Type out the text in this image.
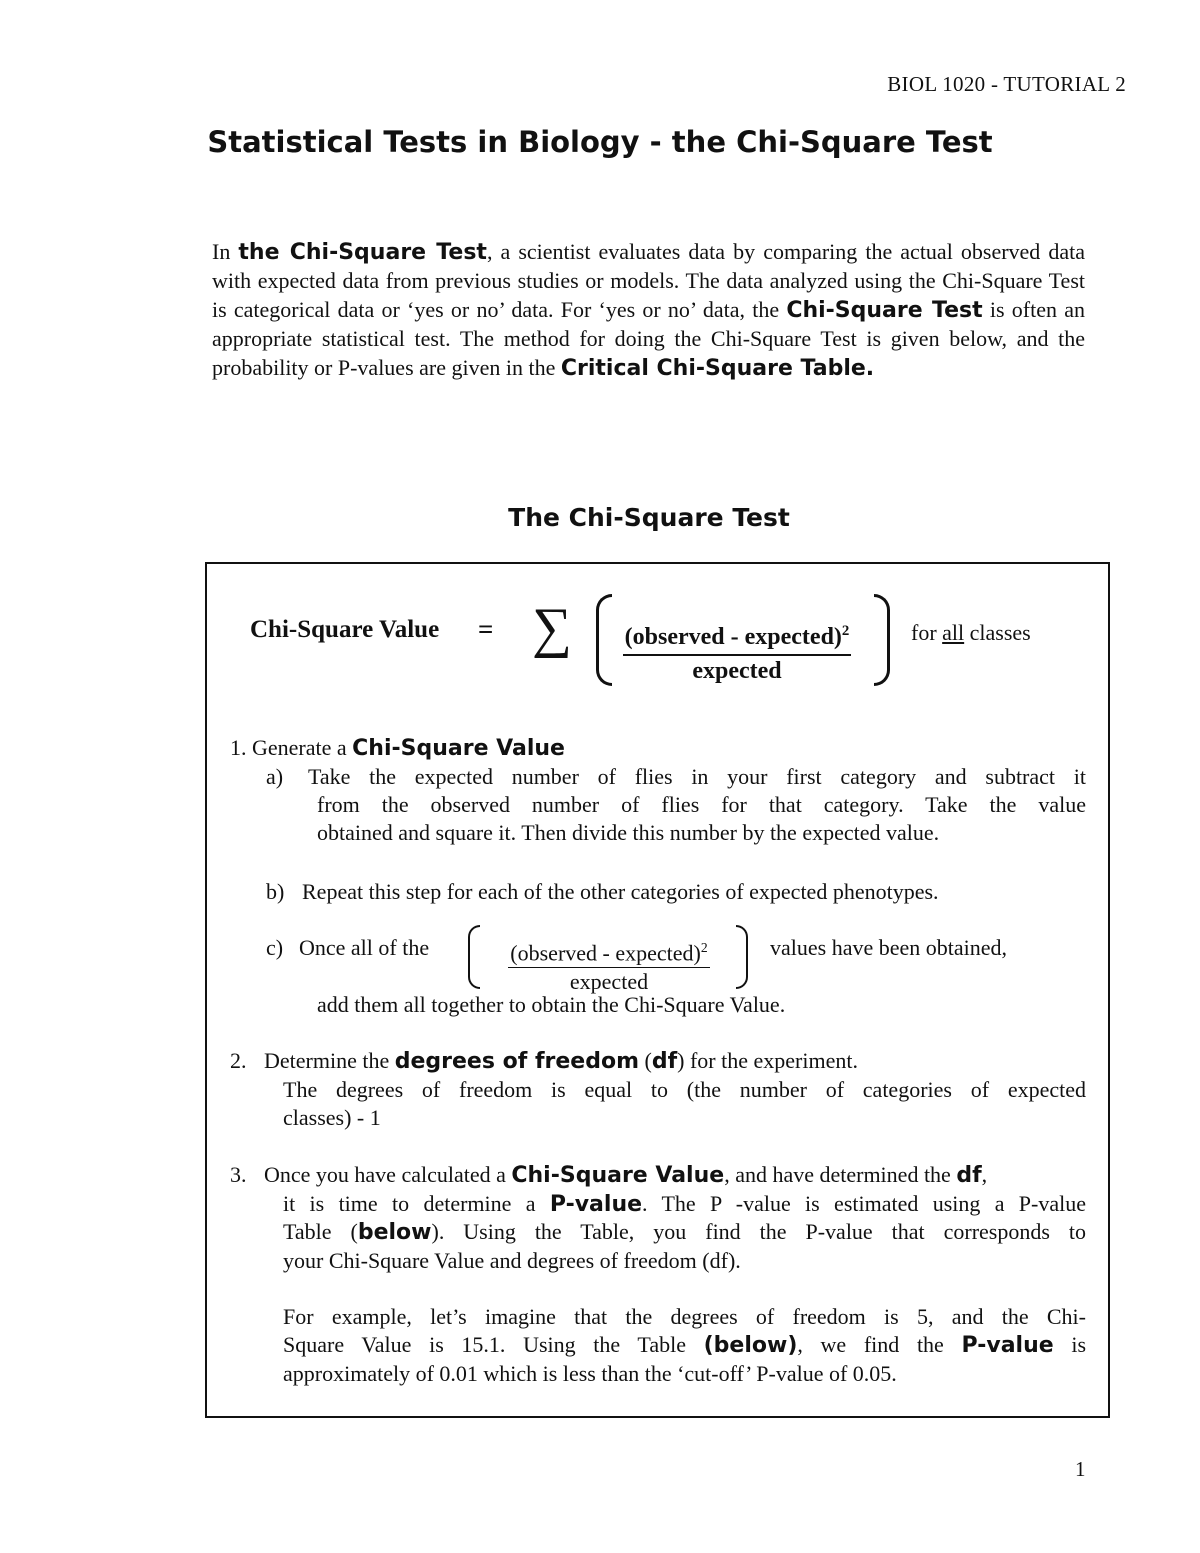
BIOL 1020 - TUTORIAL 2
Statistical Tests in Biology - the Chi-Square Test
In the Chi-Square Test, a scientist evaluates data by comparing the actual observed data with expected data from previous studies or models. The data analyzed using the Chi-Square Test is categorical data or ‘yes or no’ data. For ‘yes or no’ data, the Chi-Square Test is often an appropriate statistical test. The method for doing the Chi-Square Test is given below, and the probability or P-values are given in the Critical Chi-Square Table.
The Chi-Square Test
Chi-Square Value = ∑	(observed - expected)$^2$
expected
for all classes
1. Generate a Chi-Square Value
a) Take the expected number of flies in your first category and subtract it
from the observed number of flies for that category. Take the value
obtained and square it. Then divide this number by the expected value.
b) Repeat this step for each of the other categories of expected phenotypes.
c) Once all of the	(observed - expected)$^2$
expected
values have been obtained,
add them all together to obtain the Chi-Square Value.
2. Determine the degrees of freedom (df) for the experiment.
The degrees of freedom is equal to (the number of categories of expected
classes) - 1
3. Once you have calculated a Chi-Square Value, and have determined the df,
it is time to determine a P-value. The P -value is estimated using a P-value
Table (below). Using the Table, you find the P-value that corresponds to
your Chi-Square Value and degrees of freedom (df).
For example, let’s imagine that the degrees of freedom is 5, and the Chi-
Square Value is 15.1. Using the Table (below), we find the P-value is
approximately of 0.01 which is less than the ‘cut-off’ P-value of 0.05.
1
